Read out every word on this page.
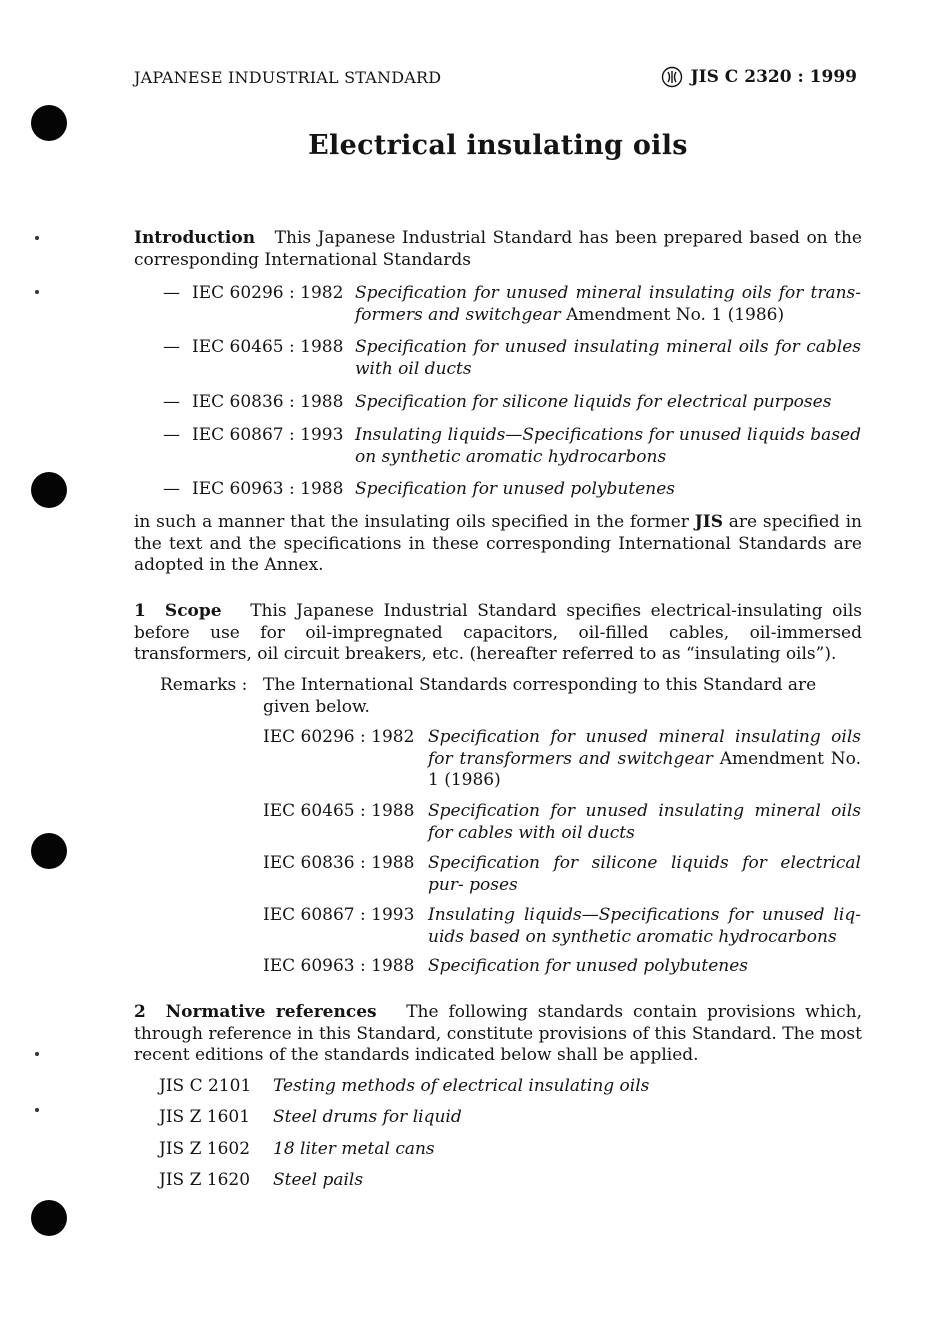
JAPANESE INDUSTRIAL STANDARD	JIS C 2320 : 1999
Electrical insulating oils
Introduction This Japanese Industrial Standard has been prepared based on the corresponding International Standards
— IEC 60296 : 1982 Specification for unused mineral insulating oils for trans- formers and switchgear Amendment No. 1 (1986)
— IEC 60465 : 1988 Specification for unused insulating mineral oils for cables with oil ducts
— IEC 60836 : 1988 Specification for silicone liquids for electrical purposes
— IEC 60867 : 1993 Insulating liquids—Specifications for unused liquids based on synthetic aromatic hydrocarbons
— IEC 60963 : 1988 Specification for unused polybutenes
in such a manner that the insulating oils specified in the former JIS are specified in the text and the specifications in these corresponding International Standards are adopted in the Annex.
1 Scope This Japanese Industrial Standard specifies electrical-insulating oils before use for oil-impregnated capacitors, oil-filled cables, oil-immersed transformers, oil circuit breakers, etc. (hereafter referred to as “insulating oils”).
Remarks : The International Standards corresponding to this Standard are given below.
IEC 60296 : 1982 Specification for unused mineral insulating oils for transformers and switchgear Amendment No. 1 (1986)
IEC 60465 : 1988 Specification for unused insulating mineral oils for cables with oil ducts
IEC 60836 : 1988 Specification for silicone liquids for electrical pur- poses
IEC 60867 : 1993 Insulating liquids—Specifications for unused liq- uids based on synthetic aromatic hydrocarbons
IEC 60963 : 1988 Specification for unused polybutenes
2 Normative references The following standards contain provisions which, through reference in this Standard, constitute provisions of this Standard. The most recent editions of the standards indicated below shall be applied.
JIS C 2101 Testing methods of electrical insulating oils
JIS Z 1601 Steel drums for liquid
JIS Z 1602 18 liter metal cans
JIS Z 1620 Steel pails
